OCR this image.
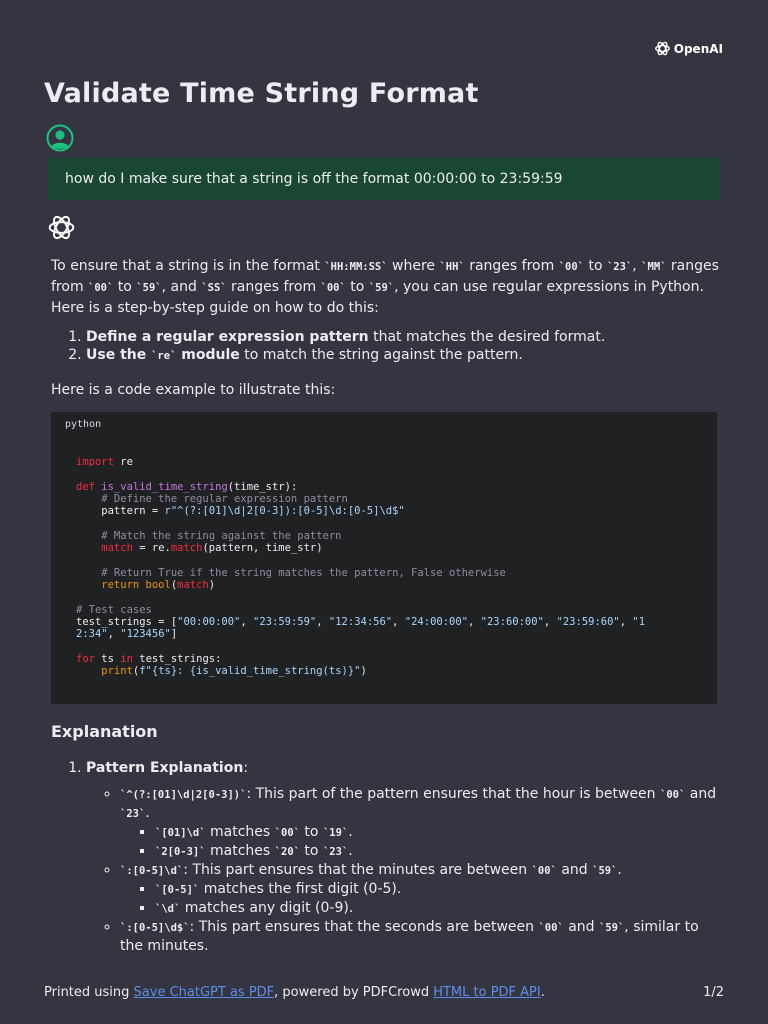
OpenAI
Validate Time String Format
how do I make sure that a string is off the format 00:00:00 to 23:59:59

To ensure that a string is in the format `HH:MM:SS` where `HH` ranges from `00` to `23`, `MM` ranges from `00` to `59`, and `SS` ranges from `00` to `59`, you can use regular expressions in Python. Here is a step-by-step guide on how to do this:

1. Define a regular expression pattern that matches the desired format.
2. Use the `re` module to match the string against the pattern.

Here is a code example to illustrate this:

python
import re

def is_valid_time_string(time_str):
# Define the regular expression pattern
pattern = r"^(?:[01]\d|2[0-3]):[0-5]\d:[0-5]\d$"

# Match the string against the pattern
match = re.match(pattern, time_str)

# Return True if the string matches the pattern, False otherwise
return bool(match)

# Test cases
test_strings = ["00:00:00", "23:59:59", "12:34:56", "24:00:00", "23:60:00", "23:59:60", "1
2:34", "123456"]

for ts in test_strings:
print(f"{ts}: {is_valid_time_string(ts)}")
Explanation
1. Pattern Explanation:
◦ `^(?:[01]\d|2[0-3])`: This part of the pattern ensures that the hour is between `00` and `23`.
▪ `[01]\d` matches `00` to `19`.
▪ `2[0-3]` matches `20` to `23`.
◦ `:[0-5]\d`: This part ensures that the minutes are between `00` and `59`.
▪ `[0-5]` matches the first digit (0-5).
▪ `\d` matches any digit (0-9).
◦ `:[0-5]\d$`: This part ensures that the seconds are between `00` and `59`, similar to the minutes.
Printed using Save ChatGPT as PDF, powered by PDFCrowd HTML to PDF API.	1/2
